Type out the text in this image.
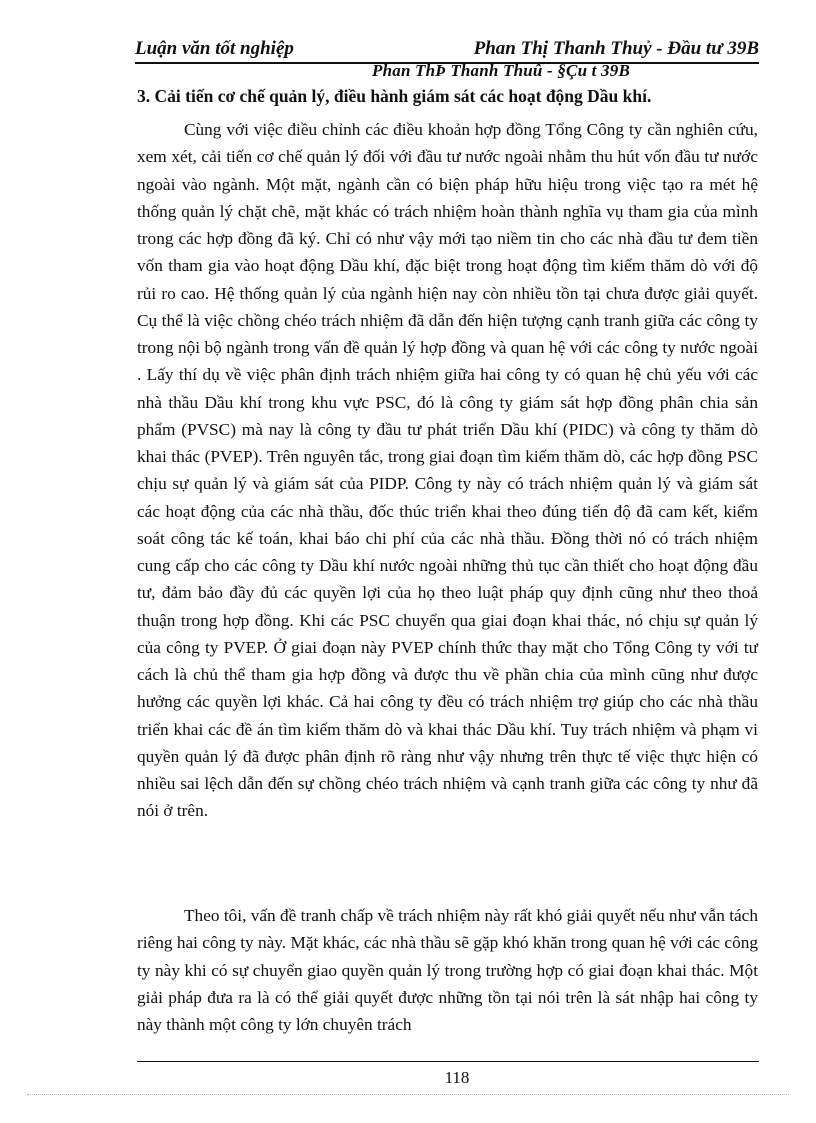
Luận văn tốt nghiệp	Phan Thị Thanh Thuỷ - Đầu tư 39B
Phan ThÞ Thanh Thuû - §Çu t 39B
3. Cải tiến cơ chế quản lý, điều hành giám sát các hoạt động Dầu khí.

Cùng với việc điều chỉnh các điều khoản hợp đồng Tổng Công ty cần nghiên cứu, xem xét, cải tiến cơ chế quản lý đối với đầu tư nước ngoài nhằm thu hút vốn đầu tư nước ngoài vào ngành. Một mặt, ngành cần có biện pháp hữu hiệu trong việc tạo ra mét hệ thống quản lý chặt chẽ, mặt khác có trách nhiệm hoàn thành nghĩa vụ tham gia của mình trong các hợp đồng đã ký. Chỉ có như vậy mới tạo niềm tin cho các nhà đầu tư đem tiền vốn tham gia vào hoạt động Dầu khí, đặc biệt trong hoạt động tìm kiếm thăm dò với độ rủi ro cao. Hệ thống quản lý của ngành hiện nay còn nhiều tồn tại chưa được giải quyết. Cụ thể là việc chồng chéo trách nhiệm đã dẫn đến hiện tượng cạnh tranh giữa các công ty trong nội bộ ngành trong vấn đề quản lý hợp đồng và quan hệ với các công ty nước ngoài . Lấy thí dụ về việc phân định trách nhiệm giữa hai công ty có quan hệ chủ yếu với các nhà thầu Dầu khí trong khu vực PSC, đó là công ty giám sát hợp đồng phân chia sản phẩm (PVSC) mà nay là công ty đầu tư phát triển Dầu khí (PIDC) và công ty thăm dò khai thác (PVEP). Trên nguyên tắc, trong giai đoạn tìm kiếm thăm dò, các hợp đồng PSC chịu sự quản lý và giám sát của PIDP. Công ty này có trách nhiệm quản lý và giám sát các hoạt động của các nhà thầu, đốc thúc triển khai theo đúng tiến độ đã cam kết, kiểm soát công tác kế toán, khai báo chi phí của các nhà thầu. Đồng thời nó có trách nhiệm cung cấp cho các công ty Dầu khí nước ngoài những thủ tục cần thiết cho hoạt động đầu tư, đảm bảo đầy đủ các quyền lợi của họ theo luật pháp quy định cũng như theo thoả thuận trong hợp đồng. Khi các PSC chuyển qua giai đoạn khai thác, nó chịu sự quản lý của công ty PVEP. Ở giai đoạn này PVEP chính thức thay mặt cho Tổng Công ty với tư cách là chủ thể tham gia hợp đồng và được thu về phần chia của mình cũng như được hưởng các quyền lợi khác. Cả hai công ty đều có trách nhiệm trợ giúp cho các nhà thầu triển khai các đề án tìm kiếm thăm dò và khai thác Dầu khí. Tuy trách nhiệm và phạm vi quyền quản lý đã được phân định rõ ràng như vậy nhưng trên thực tế việc thực hiện có nhiều sai lệch dẫn đến sự chồng chéo trách nhiệm và cạnh tranh giữa các công ty như đã nói ở trên.

Theo tôi, vấn đề tranh chấp về trách nhiệm này rất khó giải quyết nếu như vẫn tách riêng hai công ty này. Mặt khác, các nhà thầu sẽ gặp khó khăn trong quan hệ với các công ty này khi có sự chuyển giao quyền quản lý trong trường hợp có giai đoạn khai thác. Một giải pháp đưa ra là có thể giải quyết được những tồn tại nói trên là sát nhập hai công ty này thành một công ty lớn chuyên trách

118
